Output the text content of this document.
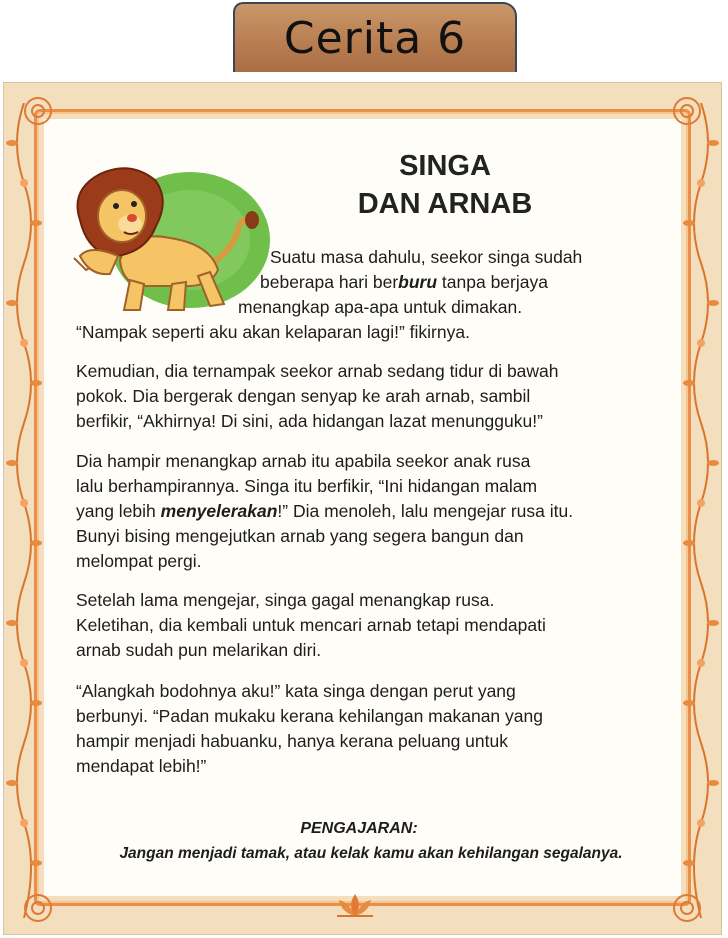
Cerita 6
SINGA
DAN ARNAB
Suatu masa dahulu, seekor singa sudah
beberapa hari berburu tanpa berjaya
menangkap apa-apa untuk dimakan.
“Nampak seperti aku akan kelaparan lagi!” fikirnya.
Kemudian, dia ternampak seekor arnab sedang tidur di bawah
pokok. Dia bergerak dengan senyap ke arah arnab, sambil
berfikir, “Akhirnya! Di sini, ada hidangan lazat menungguku!”
Dia hampir menangkap arnab itu apabila seekor anak rusa
lalu berhampirannya. Singa itu berfikir, “Ini hidangan malam
yang lebih menyelerakan!” Dia menoleh, lalu mengejar rusa itu.
Bunyi bising mengejutkan arnab yang segera bangun dan
melompat pergi.
Setelah lama mengejar, singa gagal menangkap rusa.
Keletihan, dia kembali untuk mencari arnab tetapi mendapati
arnab sudah pun melarikan diri.
“Alangkah bodohnya aku!” kata singa dengan perut yang
berbunyi. “Padan mukaku kerana kehilangan makanan yang
hampir menjadi habuanku, hanya kerana peluang untuk
mendapat lebih!”
PENGAJARAN:
Jangan menjadi tamak, atau kelak kamu akan kehilangan segalanya.
